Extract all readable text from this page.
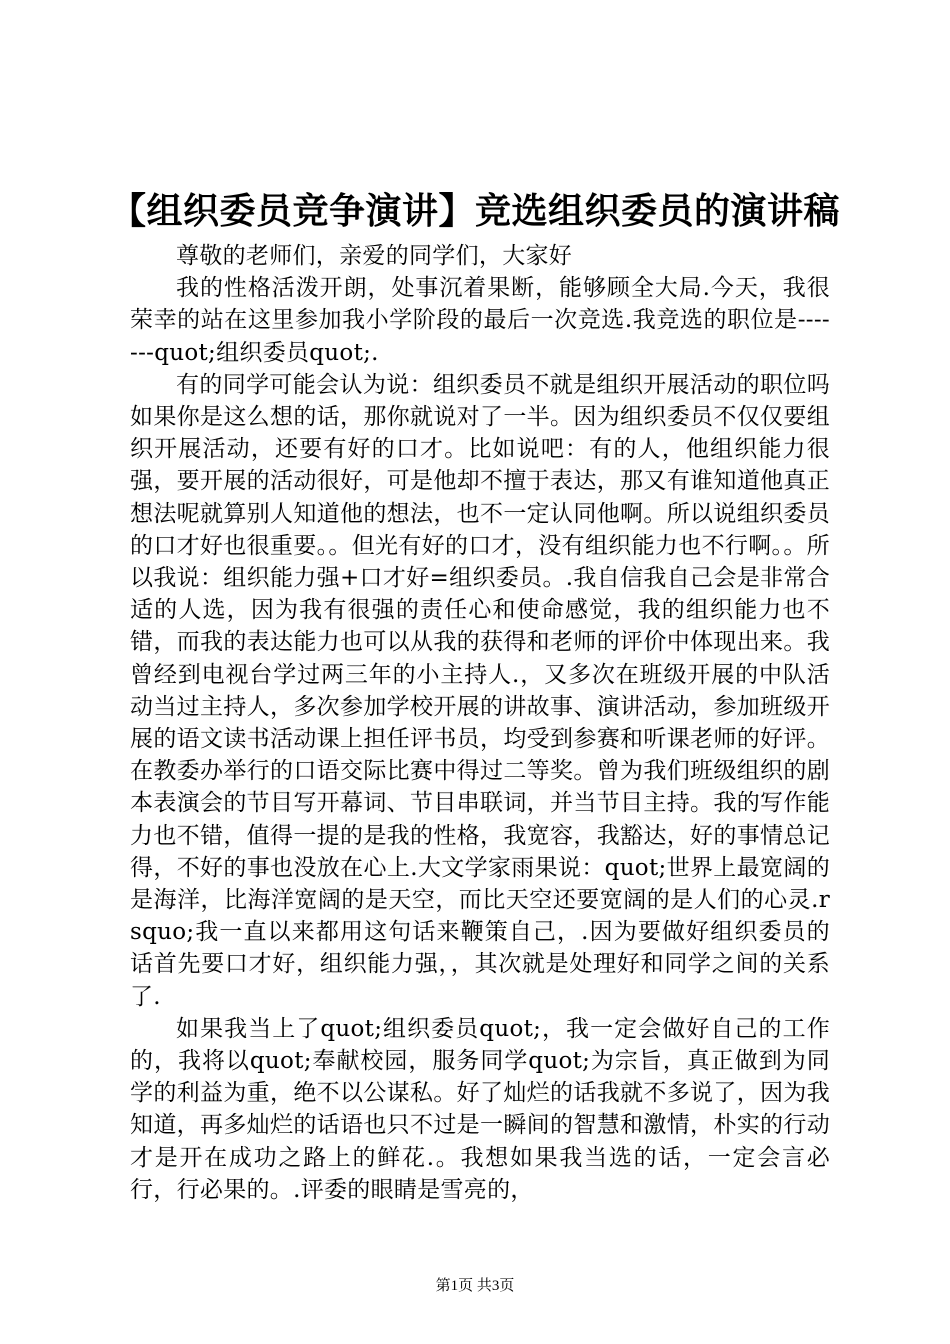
【组织委员竞争演讲】竞选组织委员的演讲稿

尊敬的老师们，亲爱的同学们，大家好

我的性格活泼开朗，处事沉着果断，能够顾全大局.今天，我很荣幸的站在这里参加我小学阶段的最后一次竞选.我竞选的职位是-------quot;组织委员quot;.

有的同学可能会认为说：组织委员不就是组织开展活动的职位吗如果你是这么想的话，那你就说对了一半。因为组织委员不仅仅要组织开展活动，还要有好的口才。比如说吧：有的人，他组织能力很强，要开展的活动很好，可是他却不擅于表达，那又有谁知道他真正想法呢就算别人知道他的想法，也不一定认同他啊。所以说组织委员的口才好也很重要。。但光有好的口才，没有组织能力也不行啊。。所以我说：组织能力强+口才好=组织委员。.我自信我自己会是非常合适的人选，因为我有很强的责任心和使命感觉，我的组织能力也不错，而我的表达能力也可以从我的获得和老师的评价中体现出来。我曾经到电视台学过两三年的小主持人.，又多次在班级开展的中队活动当过主持人，多次参加学校开展的讲故事、演讲活动，参加班级开展的语文读书活动课上担任评书员，均受到参赛和听课老师的好评。在教委办举行的口语交际比赛中得过二等奖。曾为我们班级组织的剧本表演会的节目写开幕词、节目串联词，并当节目主持。我的写作能力也不错，值得一提的是我的性格，我宽容，我豁达，好的事情总记得，不好的事也没放在心上.大文学家雨果说：quot;世界上最宽阔的是海洋，比海洋宽阔的是天空，而比天空还要宽阔的是人们的心灵.rsquo;我一直以来都用这句话来鞭策自己，.因为要做好组织委员的话首先要口才好，组织能力强，，其次就是处理好和同学之间的关系了.

如果我当上了quot;组织委员quot;，我一定会做好自己的工作的，我将以quot;奉献校园，服务同学quot;为宗旨，真正做到为同学的利益为重，绝不以公谋私。好了灿烂的话我就不多说了，因为我知道，再多灿烂的话语也只不过是一瞬间的智慧和激情，朴实的行动才是开在成功之路上的鲜花.。我想如果我当选的话，一定会言必行，行必果的。.评委的眼睛是雪亮的，

第1页 共3页
